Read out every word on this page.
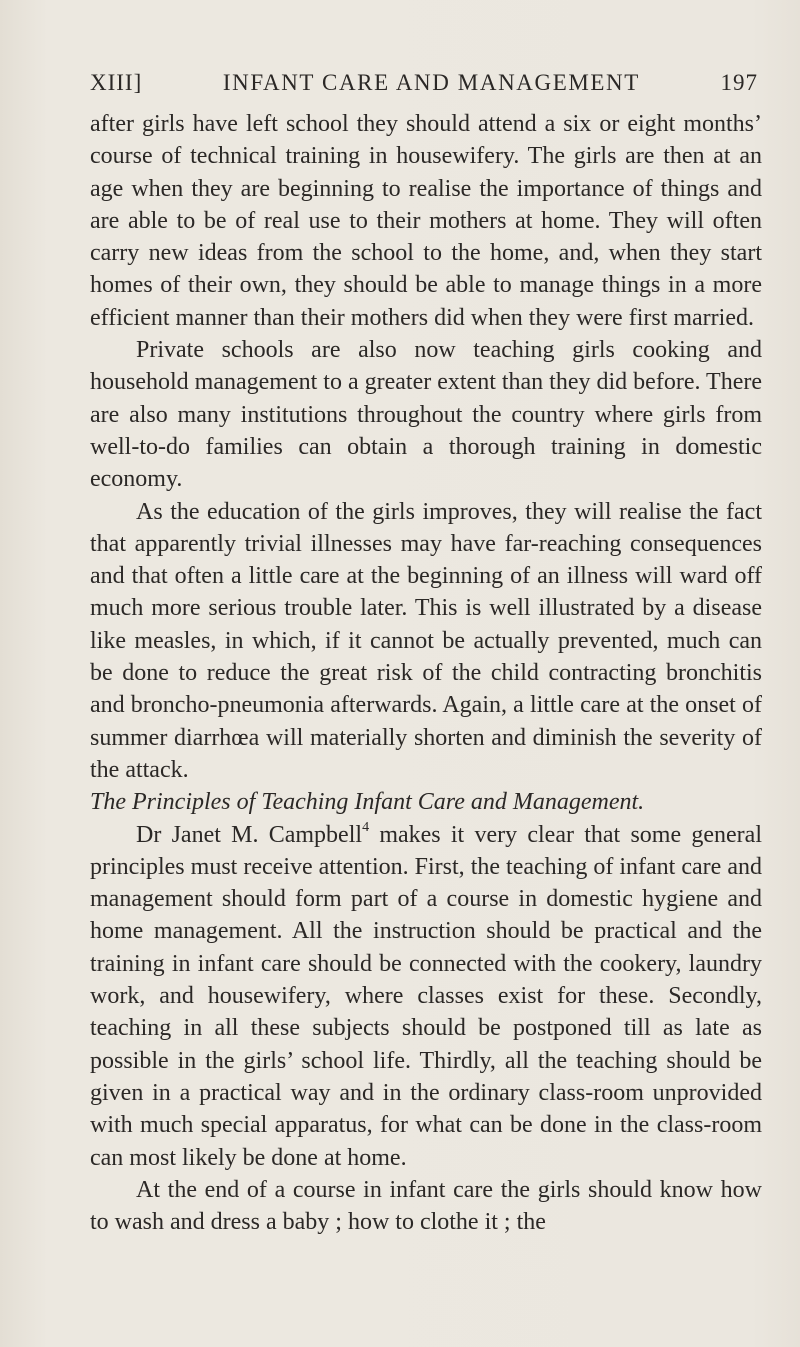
XIII]	INFANT CARE AND MANAGEMENT	197

after girls have left school they should attend a six or eight months’ course of technical training in housewifery. The girls are then at an age when they are beginning to realise the importance of things and are able to be of real use to their mothers at home. They will often carry new ideas from the school to the home, and, when they start homes of their own, they should be able to manage things in a more efficient manner than their mothers did when they were first married.

Private schools are also now teaching girls cooking and household management to a greater extent than they did before. There are also many institutions throughout the country where girls from well-to-do families can obtain a thorough training in domestic economy.

As the education of the girls improves, they will realise the fact that apparently trivial illnesses may have far-reaching consequences and that often a little care at the beginning of an illness will ward off much more serious trouble later. This is well illustrated by a disease like measles, in which, if it cannot be actually prevented, much can be done to reduce the great risk of the child contracting bronchitis and broncho-pneumonia afterwards. Again, a little care at the onset of summer diarrhœa will materially shorten and diminish the severity of the attack.

The Principles of Teaching Infant Care and Management.

Dr Janet M. Campbell$^4$ makes it very clear that some general principles must receive attention. First, the teaching of infant care and management should form part of a course in domestic hygiene and home management. All the instruction should be practical and the training in infant care should be connected with the cookery, laundry work, and housewifery, where classes exist for these. Secondly, teaching in all these subjects should be postponed till as late as possible in the girls’ school life. Thirdly, all the teaching should be given in a practical way and in the ordinary class-room unprovided with much special apparatus, for what can be done in the class-room can most likely be done at home.

At the end of a course in infant care the girls should know how to wash and dress a baby ; how to clothe it ; the
